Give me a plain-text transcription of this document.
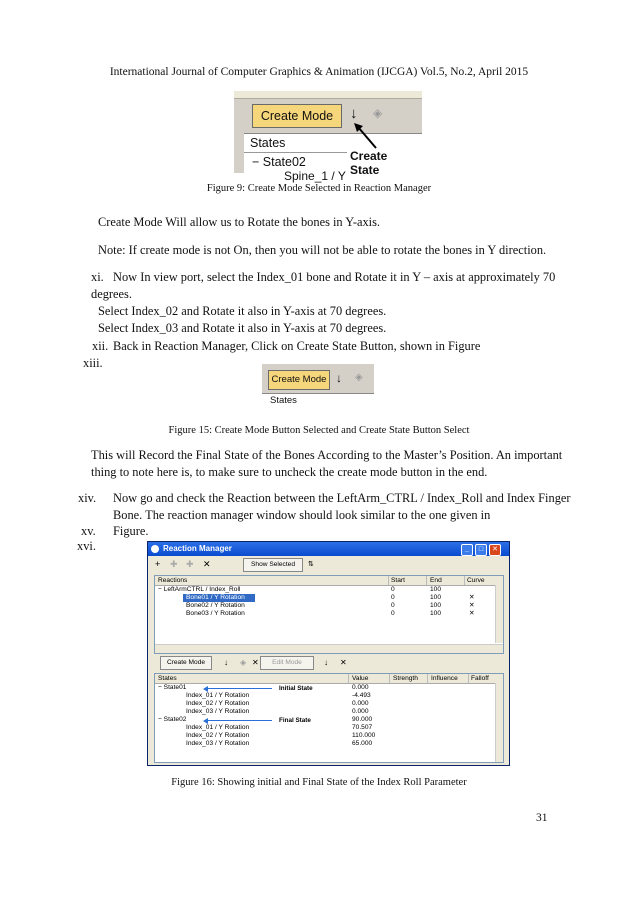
International Journal of Computer Graphics & Animation (IJCGA) Vol.5, No.2, April 2015
Create Mode	↓ ◈
States
− State02
Spine_1 / Y
Create State
Figure 9: Create Mode Selected in Reaction Manager
Create Mode Will allow us to Rotate the bones in Y-axis.
Note: If create mode is not On, then you will not be able to rotate the bones in Y direction.
xi. Now In view port, select the Index_01 bone and Rotate it in Y – axis at approximately 70
degrees.
Select Index_02 and Rotate it also in Y-axis at 70 degrees.
Select Index_03 and Rotate it also in Y-axis at 70 degrees.
xii. Back in Reaction Manager, Click on Create State Button, shown in Figure
xiii.
Create Mode ↓ ◈
States
Figure 15: Create Mode Button Selected and Create State Button Select
This will Record the Final State of the Bones According to the Master’s Position. An important
thing to note here is, to make sure to uncheck the create mode button in the end.
xiv. Now go and check the Reaction between the LeftArm_CTRL / Index_Roll and Index Finger
Bone. The reaction manager window should look similar to the one given in
xv. Figure.
xvi.	Reaction Manager	_	□	✕
+ ✚ ✚ ✕	Show Selected	⇅
Reactions	Start	End	Curve
− LeftArmCTRL / Index_Roll	0	100
Bone01 / Y Rotation	0	100	✕
Bone02 / Y Rotation	0	100	✕
Bone03 / Y Rotation	0	100	✕
Create Mode	↓ ◈ ✕	Edit Mode	↓ ✕
States	Value	Strength Influence Falloff
− State01	0.000
Index_01 / Y Rotation	-4.493
Index_02 / Y Rotation	0.000
Index_03 / Y Rotation	0.000
− State02	90.000
Index_01 / Y Rotation	70.507
Index_02 / Y Rotation	110.000
Index_03 / Y Rotation	65.000
Initial State
Final State
Figure 16: Showing initial and Final State of the Index Roll Parameter
31
